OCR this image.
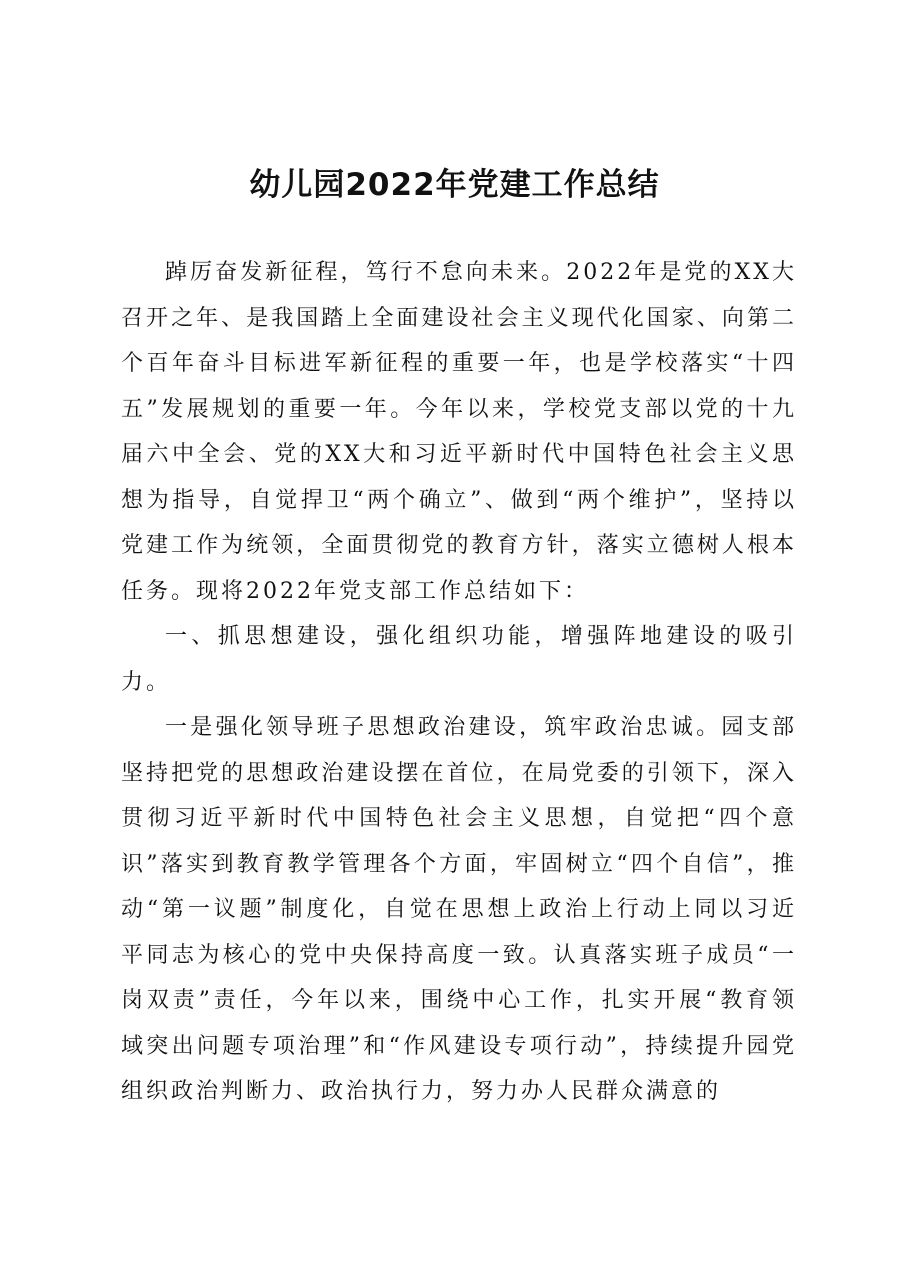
幼儿园2022年党建工作总结

踔厉奋发新征程，笃行不怠向未来。2022年是党的XX大召开之年、是我国踏上全面建设社会主义现代化国家、向第二个百年奋斗目标进军新征程的重要一年，也是学校落实“十四五”发展规划的重要一年。今年以来，学校党支部以党的十九届六中全会、党的XX大和习近平新时代中国特色社会主义思想为指导，自觉捍卫“两个确立”、做到“两个维护”，坚持以党建工作为统领，全面贯彻党的教育方针，落实立德树人根本任务。现将2022年党支部工作总结如下：

一、抓思想建设，强化组织功能，增强阵地建设的吸引力。

一是强化领导班子思想政治建设，筑牢政治忠诚。园支部坚持把党的思想政治建设摆在首位，在局党委的引领下，深入贯彻习近平新时代中国特色社会主义思想，自觉把“四个意识”落实到教育教学管理各个方面，牢固树立“四个自信”，推动“第一议题”制度化，自觉在思想上政治上行动上同以习近平同志为核心的党中央保持高度一致。认真落实班子成员“一岗双责”责任，今年以来，围绕中心工作，扎实开展“教育领域突出问题专项治理”和“作风建设专项行动”，持续提升园党组织政治判断力、政治执行力，努力办人民群众满意的
